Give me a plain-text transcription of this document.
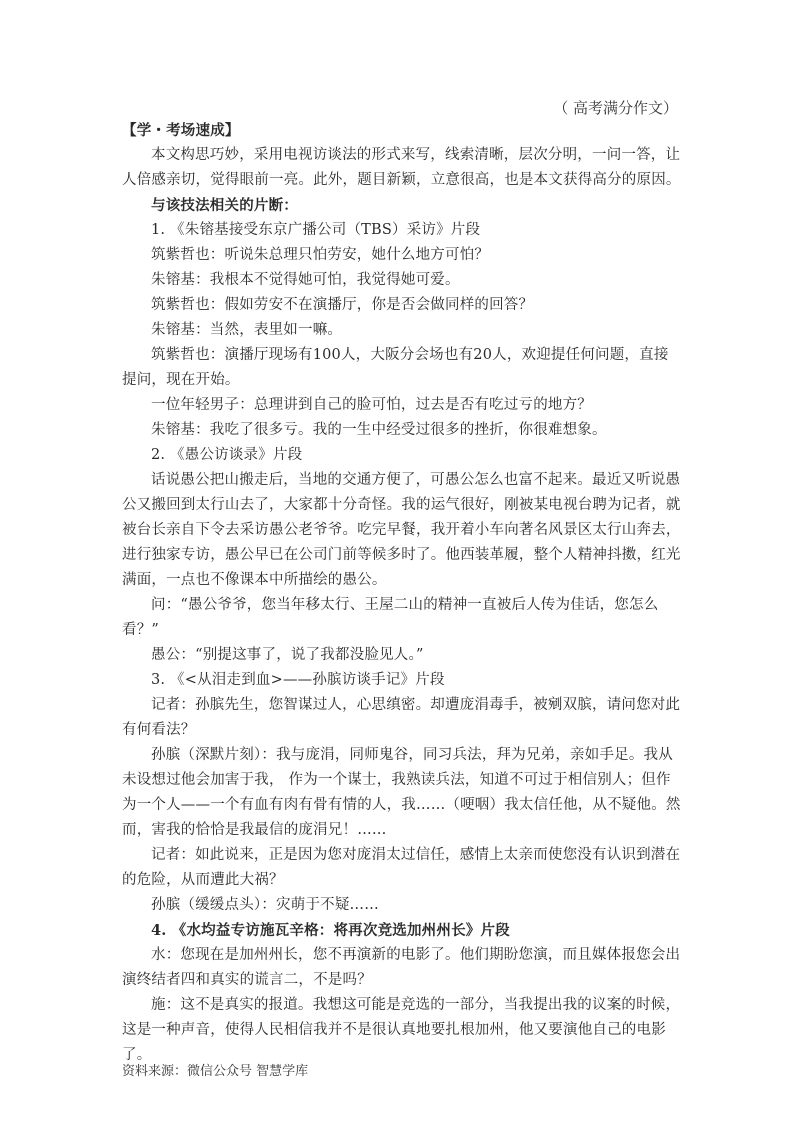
（ 高考满分作文）

【学・考场速成】

本文构思巧妙，采用电视访谈法的形式来写，线索清晰，层次分明，一问一答，让人倍感亲切，觉得眼前一亮。此外，题目新颖，立意很高，也是本文获得高分的原因。

与该技法相关的片断：

1. 《朱镕基接受东京广播公司（TBS）采访》片段

筑紫哲也：听说朱总理只怕劳安，她什么地方可怕？

朱镕基：我根本不觉得她可怕，我觉得她可爱。

筑紫哲也：假如劳安不在演播厅，你是否会做同样的回答？

朱镕基：当然，表里如一嘛。

筑紫哲也：演播厅现场有100人，大阪分会场也有20人，欢迎提任何问题，直接提问，现在开始。

一位年轻男子：总理讲到自己的脸可怕，过去是否有吃过亏的地方？

朱镕基：我吃了很多亏。我的一生中经受过很多的挫折，你很难想象。

2. 《愚公访谈录》片段

话说愚公把山搬走后，当地的交通方便了，可愚公怎么也富不起来。最近又听说愚公又搬回到太行山去了，大家都十分奇怪。我的运气很好，刚被某电视台聘为记者，就被台长亲自下令去采访愚公老爷爷。吃完早餐，我开着小车向著名风景区太行山奔去，进行独家专访，愚公早已在公司门前等候多时了。他西装革履，整个人精神抖擞，红光满面，一点也不像课本中所描绘的愚公。

问：“愚公爷爷，您当年移太行、王屋二山的精神一直被后人传为佳话，您怎么看？”

愚公：“别提这事了，说了我都没脸见人。”

3. 《<从泪走到血>——孙膑访谈手记》片段

记者：孙膑先生，您智谋过人，心思缜密。却遭庞涓毒手，被剜双膑，请问您对此有何看法？

孙膑（深默片刻）：我与庞涓，同师鬼谷，同习兵法，拜为兄弟，亲如手足。我从未设想过他会加害于我， 作为一个谋士，我熟读兵法，知道不可过于相信别人；但作为一个人——一个有血有肉有骨有情的人，我……（哽咽）我太信任他，从不疑他。然而，害我的恰恰是我最信的庞涓兄！……

记者：如此说来，正是因为您对庞涓太过信任，感情上太亲而使您没有认识到潜在的危险，从而遭此大祸？

孙膑（缓缓点头）：灾萌于不疑……

4. 《水均益专访施瓦辛格：将再次竞选加州州长》片段

水：您现在是加州州长，您不再演新的电影了。他们期盼您演，而且媒体报您会出演终结者四和真实的谎言二，不是吗？

施：这不是真实的报道。我想这可能是竞选的一部分，当我提出我的议案的时候，这是一种声音，使得人民相信我并不是很认真地要扎根加州，他又要演他自己的电影了。

资料来源：微信公众号 智慧学库
